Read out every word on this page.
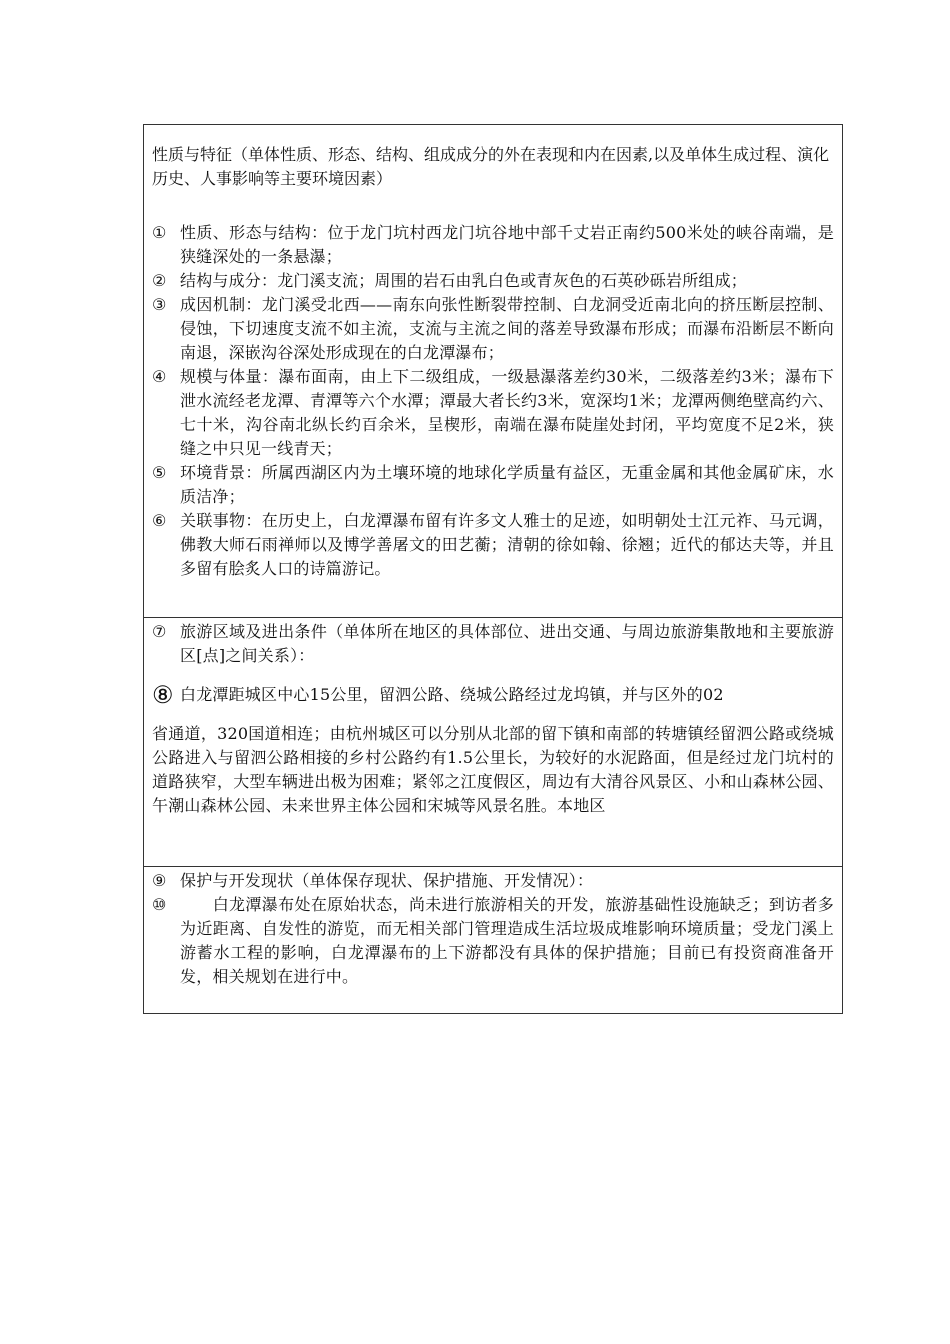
性质与特征（单体性质、形态、结构、组成成分的外在表现和内在因素,以及单体生成过程、演化历史、人事影响等主要环境因素）

① 性质、形态与结构：位于龙门坑村西龙门坑谷地中部千丈岩正南约500米处的峡谷南端，是狭缝深处的一条悬瀑；
② 结构与成分：龙门溪支流；周围的岩石由乳白色或青灰色的石英砂砾岩所组成；
③ 成因机制：龙门溪受北西——南东向张性断裂带控制、白龙洞受近南北向的挤压断层控制、侵蚀，下切速度支流不如主流，支流与主流之间的落差导致瀑布形成；而瀑布沿断层不断向南退，深嵌沟谷深处形成现在的白龙潭瀑布；
④ 规模与体量：瀑布面南，由上下二级组成，一级悬瀑落差约30米，二级落差约3米；瀑布下泄水流经老龙潭、青潭等六个水潭；潭最大者长约3米，宽深均1米；龙潭两侧绝壁高约六、七十米，沟谷南北纵长约百余米，呈楔形，南端在瀑布陡崖处封闭，平均宽度不足2米，狭缝之中只见一线青天；
⑤ 环境背景：所属西湖区内为土壤环境的地球化学质量有益区，无重金属和其他金属矿床，水质洁净；
⑥ 关联事物：在历史上，白龙潭瀑布留有许多文人雅士的足迹，如明朝处士江元祚、马元调，佛教大师石雨禅师以及博学善屠文的田艺蘅；清朝的徐如翰、徐翘；近代的郁达夫等，并且多留有脍炙人口的诗篇游记。
⑦ 旅游区域及进出条件（单体所在地区的具体部位、进出交通、与周边旅游集散地和主要旅游区[点]之间关系）：
⑧ 白龙潭距城区中心15公里，留泗公路、绕城公路经过龙坞镇，并与区外的02

省通道，320国道相连；由杭州城区可以分别从北部的留下镇和南部的转塘镇经留泗公路或绕城公路进入与留泗公路相接的乡村公路约有1.5公里长，为较好的水泥路面，但是经过龙门坑村的道路狭窄，大型车辆进出极为困难；紧邻之江度假区，周边有大清谷风景区、小和山森林公园、午潮山森林公园、未来世界主体公园和宋城等风景名胜。本地区

⑨ 保护与开发现状（单体保存现状、保护措施、开发情况）：
⑩ 　　白龙潭瀑布处在原始状态，尚未进行旅游相关的开发，旅游基础性设施缺乏；到访者多为近距离、自发性的游览，而无相关部门管理造成生活垃圾成堆影响环境质量；受龙门溪上游蓄水工程的影响，白龙潭瀑布的上下游都没有具体的保护措施；目前已有投资商准备开发，相关规划在进行中。
